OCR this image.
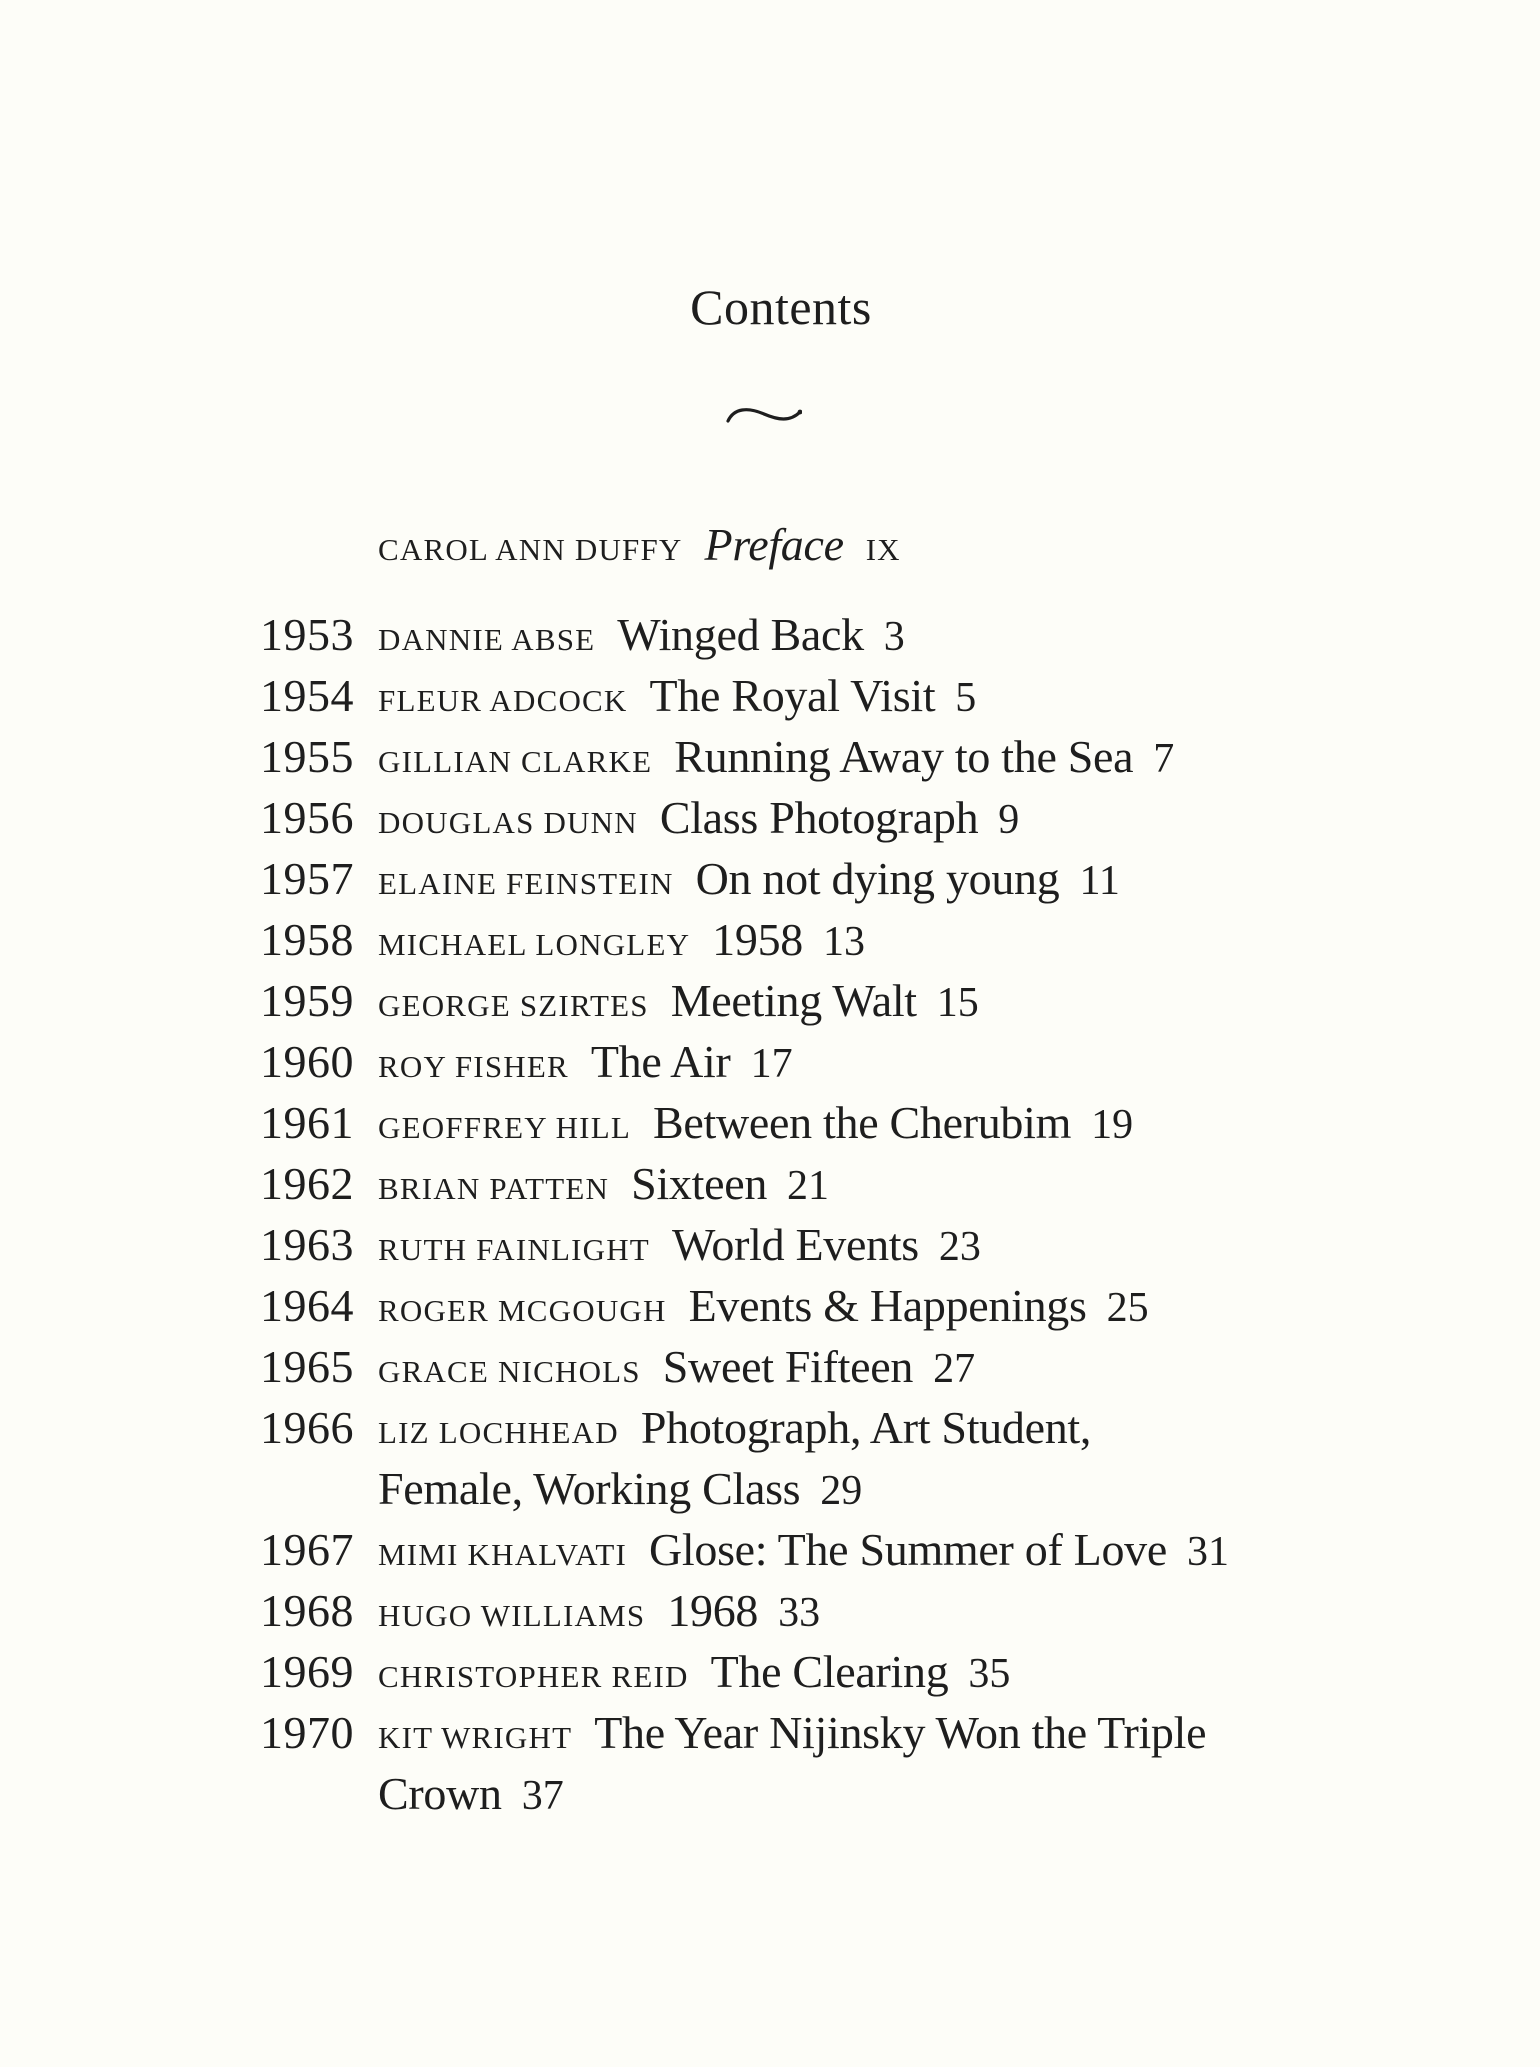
Contents
CAROL ANN DUFFY Preface IX
1953 DANNIE ABSE Winged Back 3
1954 FLEUR ADCOCK The Royal Visit 5
1955 GILLIAN CLARKE Running Away to the Sea 7
1956 DOUGLAS DUNN Class Photograph 9
1957 ELAINE FEINSTEIN On not dying young 11
1958 MICHAEL LONGLEY 1958 13
1959 GEORGE SZIRTES Meeting Walt 15
1960 ROY FISHER The Air 17
1961 GEOFFREY HILL Between the Cherubim 19
1962 BRIAN PATTEN Sixteen 21
1963 RUTH FAINLIGHT World Events 23
1964 ROGER MCGOUGH Events & Happenings 25
1965 GRACE NICHOLS Sweet Fifteen 27
1966 LIZ LOCHHEAD Photograph, Art Student,
Female, Working Class 29
1967 MIMI KHALVATI Glose: The Summer of Love 31
1968 HUGO WILLIAMS 1968 33
1969 CHRISTOPHER REID The Clearing 35
1970 KIT WRIGHT The Year Nijinsky Won the Triple
Crown 37
